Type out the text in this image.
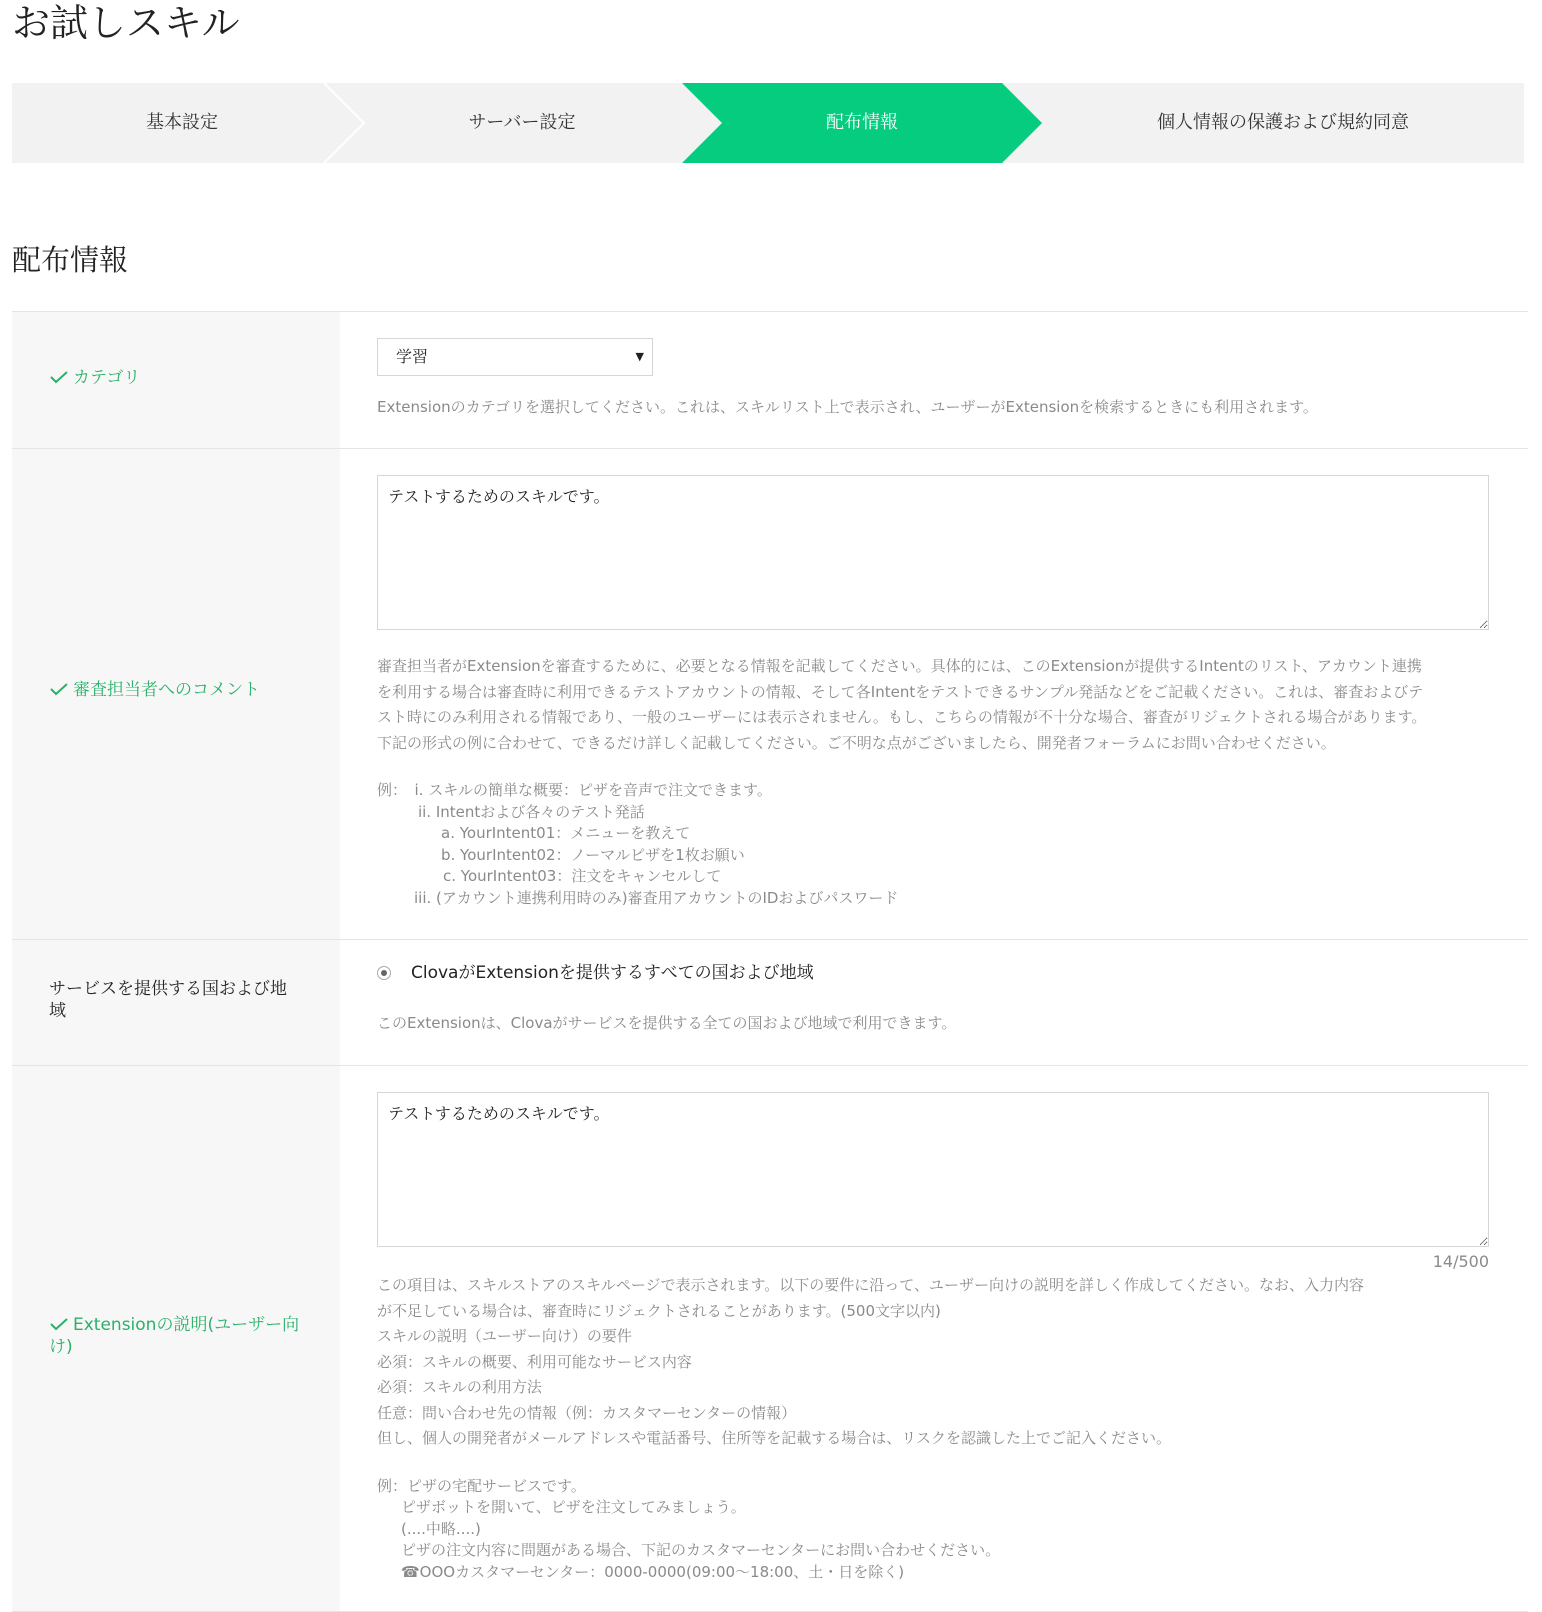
お試しスキル
基本設定	サーバー設定	配布情報	個人情報の保護および規約同意
配布情報
カテゴリ
学習	▼

Extensionのカテゴリを選択してください。これは、スキルリスト上で表示され、ユーザーがExtensionを検索するときにも利用されます。

審査担当者へのコメント
テストするためのスキルです。
審査担当者がExtensionを審査するために、必要となる情報を記載してください。具体的には、このExtensionが提供するIntentのリスト、アカウント連携
を利用する場合は審査時に利用できるテストアカウントの情報、そして各Intentをテストできるサンプル発話などをご記載ください。これは、審査およびテ
スト時にのみ利用される情報であり、一般のユーザーには表示されません。もし、こちらの情報が不十分な場合、審査がリジェクトされる場合があります。
下記の形式の例に合わせて、できるだけ詳しく記載してください。ご不明な点がございましたら、開発者フォーラムにお問い合わせください。
例：　i. スキルの簡単な概要：ピザを音声で注文できます。
ii. Intentおよび各々のテスト発話
a. YourIntent01：メニューを教えて
b. YourIntent02：ノーマルピザを1枚お願い
c. YourIntent03：注文をキャンセルして
iii. (アカウント連携利用時のみ)審査用アカウントのIDおよびパスワード
サービスを提供する国および地域
ClovaがExtensionを提供するすべての国および地域

このExtensionは、Clovaがサービスを提供する全ての国および地域で利用できます。

Extensionの説明(ユーザー向け)
テストするためのスキルです。
14/500
この項目は、スキルストアのスキルページで表示されます。以下の要件に沿って、ユーザー向けの説明を詳しく作成してください。なお、入力内容
が不足している場合は、審査時にリジェクトされることがあります。(500文字以内)
スキルの説明（ユーザー向け）の要件
必須：スキルの概要、利用可能なサービス内容
必須：スキルの利用方法
任意：問い合わせ先の情報（例：カスタマーセンターの情報）
但し、個人の開発者がメールアドレスや電話番号、住所等を記載する場合は、リスクを認識した上でご記入ください。
例：ピザの宅配サービスです。
ピザボットを開いて、ピザを注文してみましょう。
(....中略....)
ピザの注文内容に問題がある場合、下記のカスタマーセンターにお問い合わせください。
☎OOOカスタマーセンター：0000-0000(09:00～18:00、土・日を除く)
